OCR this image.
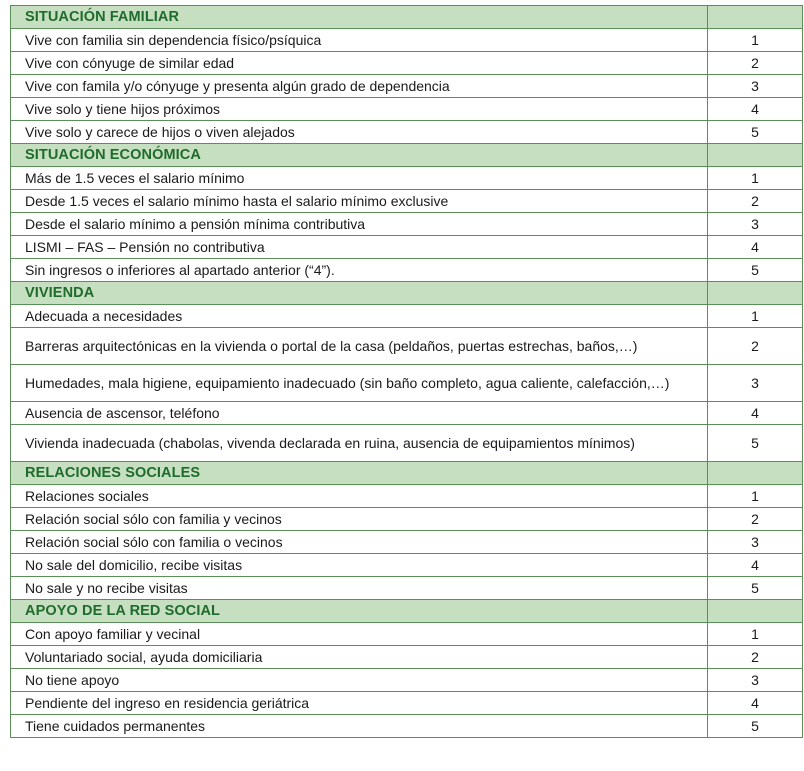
SITUACIÓN FAMILIAR	
Vive con familia sin dependencia físico/psíquica	1
Vive con cónyuge de similar edad	2
Vive con famila y/o cónyuge y presenta algún grado de dependencia	3
Vive solo y tiene hijos próximos	4
Vive solo y carece de hijos o viven alejados	5
SITUACIÓN ECONÓMICA	
Más de 1.5 veces el salario mínimo	1
Desde 1.5 veces el salario mínimo hasta el salario mínimo exclusive	2
Desde el salario mínimo a pensión mínima contributiva	3
LISMI – FAS – Pensión no contributiva	4
Sin ingresos o inferiores al apartado anterior (“4”).	5
VIVIENDA	
Adecuada a necesidades	1
Barreras arquitectónicas en la vivienda o portal de la casa (peldaños, puertas estrechas, baños,…)	2
Humedades, mala higiene, equipamiento inadecuado (sin baño completo, agua caliente, calefacción,…)	3
Ausencia de ascensor, teléfono	4
Vivienda inadecuada (chabolas, vivenda declarada en ruina, ausencia de equipamientos mínimos)	5
RELACIONES SOCIALES	
Relaciones sociales	1
Relación social sólo con familia y vecinos	2
Relación social sólo con familia o vecinos	3
No sale del domicilio, recibe visitas	4
No sale y no recibe visitas	5
APOYO DE LA RED SOCIAL	
Con apoyo familiar y vecinal	1
Voluntariado social, ayuda domiciliaria	2
No tiene apoyo	3
Pendiente del ingreso en residencia geriátrica	4
Tiene cuidados permanentes	5
